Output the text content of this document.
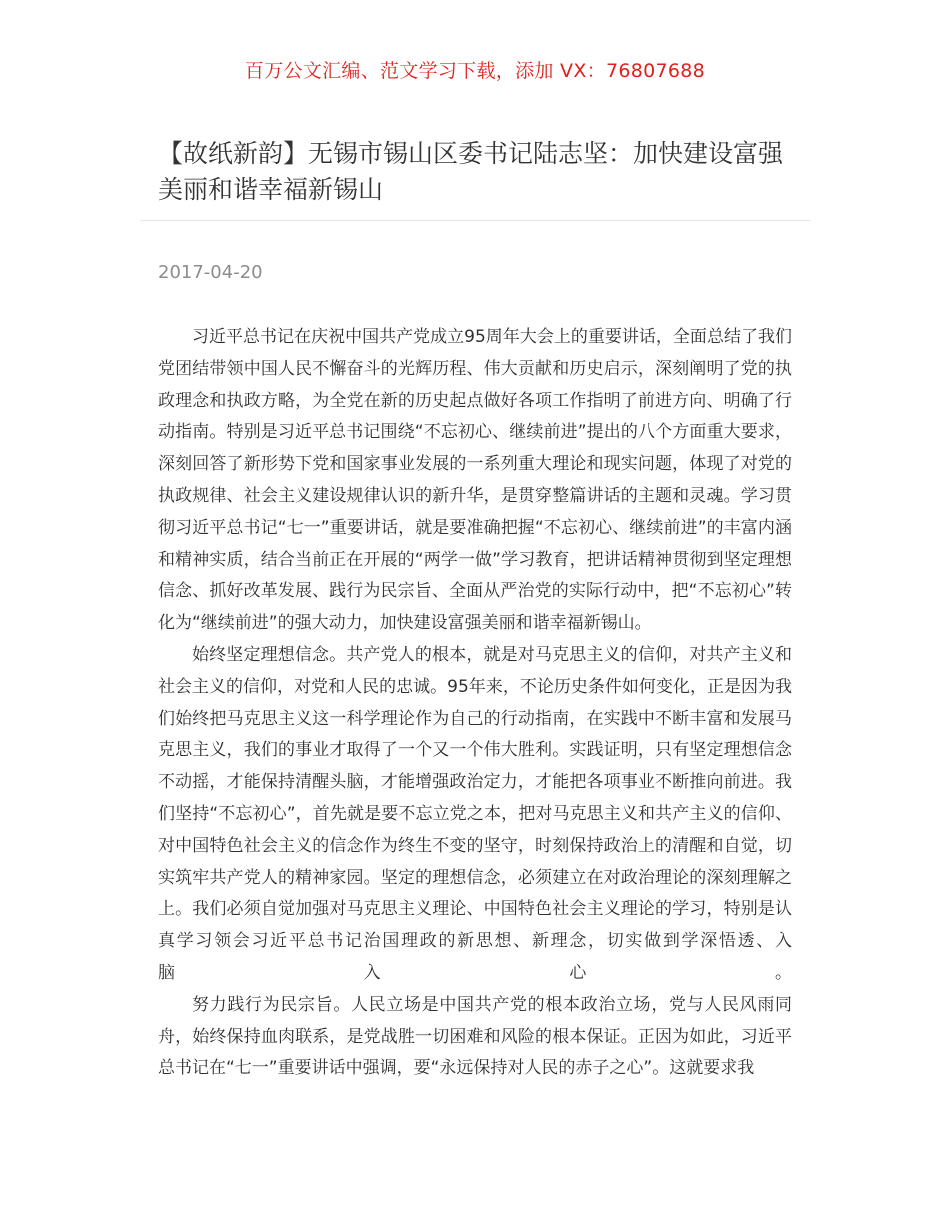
百万公文汇编、范文学习下载，添加 VX：76807688
【故纸新韵】无锡市锡山区委书记陆志坚：加快建设富强美丽和谐幸福新锡山
2017-04-20

习近平总书记在庆祝中国共产党成立95周年大会上的重要讲话，全面总结了我们党团结带领中国人民不懈奋斗的光辉历程、伟大贡献和历史启示，深刻阐明了党的执政理念和执政方略，为全党在新的历史起点做好各项工作指明了前进方向、明确了行动指南。特别是习近平总书记围绕“不忘初心、继续前进”提出的八个方面重大要求，深刻回答了新形势下党和国家事业发展的一系列重大理论和现实问题，体现了对党的执政规律、社会主义建设规律认识的新升华，是贯穿整篇讲话的主题和灵魂。学习贯彻习近平总书记“七一”重要讲话，就是要准确把握“不忘初心、继续前进”的丰富内涵和精神实质，结合当前正在开展的“两学一做”学习教育，把讲话精神贯彻到坚定理想信念、抓好改革发展、践行为民宗旨、全面从严治党的实际行动中，把“不忘初心”转化为“继续前进”的强大动力，加快建设富强美丽和谐幸福新锡山。

始终坚定理想信念。共产党人的根本，就是对马克思主义的信仰，对共产主义和社会主义的信仰，对党和人民的忠诚。95年来，不论历史条件如何变化，正是因为我们始终把马克思主义这一科学理论作为自己的行动指南，在实践中不断丰富和发展马克思主义，我们的事业才取得了一个又一个伟大胜利。实践证明，只有坚定理想信念不动摇，才能保持清醒头脑，才能增强政治定力，才能把各项事业不断推向前进。我们坚持“不忘初心”，首先就是要不忘立党之本，把对马克思主义和共产主义的信仰、对中国特色社会主义的信念作为终生不变的坚守，时刻保持政治上的清醒和自觉，切实筑牢共产党人的精神家园。坚定的理想信念，必须建立在对政治理论的深刻理解之上。我们必须自觉加强对马克思主义理论、中国特色社会主义理论的学习，特别是认真学习领会习近平总书记治国理政的新思想、新理念，切实做到学深悟透、入

脑入心。

努力践行为民宗旨。人民立场是中国共产党的根本政治立场，党与人民风雨同舟，始终保持血肉联系，是党战胜一切困难和风险的根本保证。正因为如此，习近平总书记在“七一”重要讲话中强调，要“永远保持对人民的赤子之心”。这就要求我
